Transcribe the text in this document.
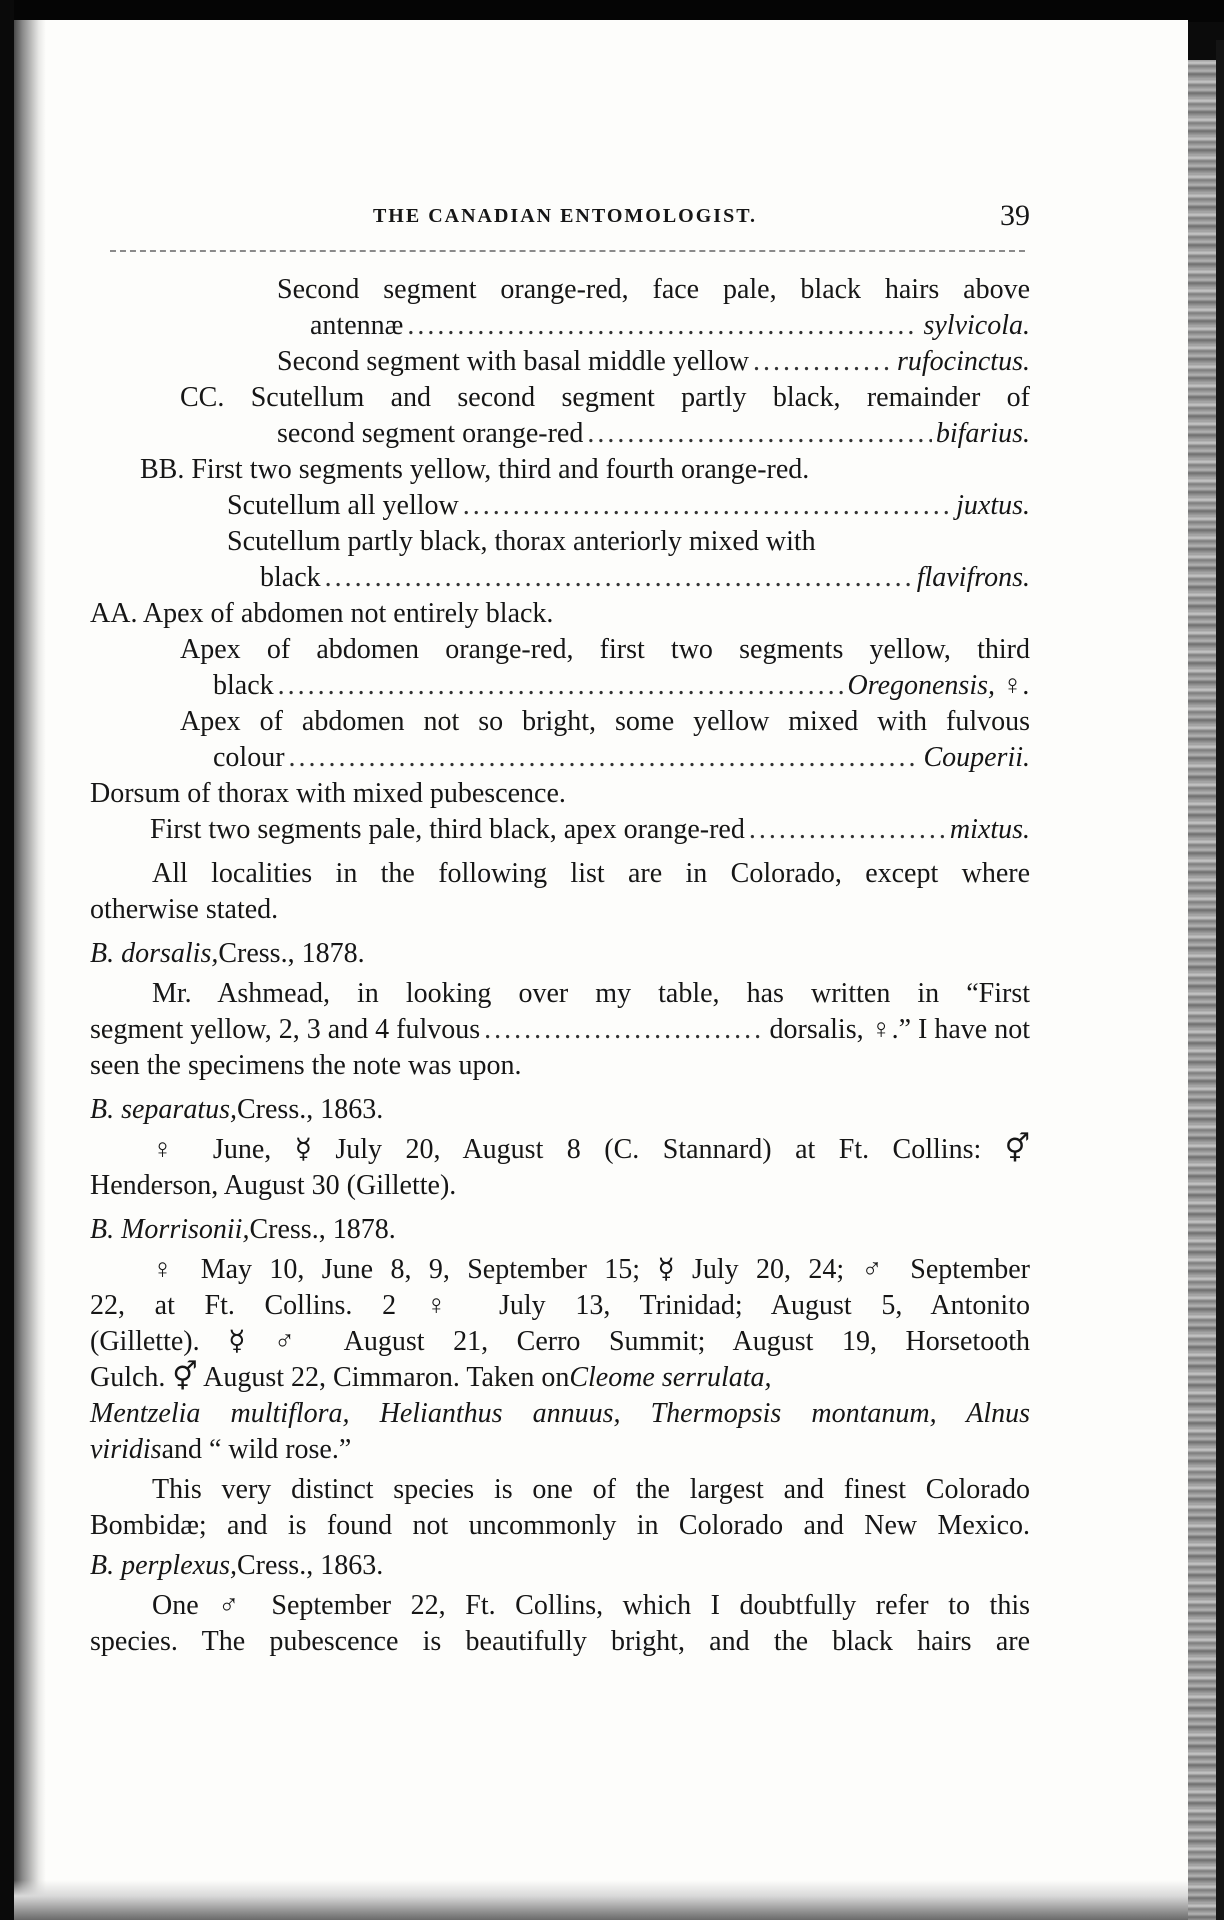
THE CANADIAN ENTOMOLOGIST.	39
Second segment orange-red, face pale, black hairs above
antennæ .....	sylvicola.
Second segment with basal middle yellow .....	rufocinctus.
CC. Scutellum and second segment partly black, remainder of
second segment orange-red .....	bifarius.
BB. First two segments yellow, third and fourth orange-red.
Scutellum all yellow .....	juxtus.
Scutellum partly black, thorax anteriorly mixed with
black .....	flavifrons.
AA. Apex of abdomen not entirely black.
Apex of abdomen orange-red, first two segments yellow, third
black .....	Oregonensis, ♀.
Apex of abdomen not so bright, some yellow mixed with fulvous
colour .....	Couperii.
Dorsum of thorax with mixed pubescence.
First two segments pale, third black, apex orange-red .....	mixtus.
All localities in the following list are in Colorado, except where
otherwise stated.
B. dorsalis, Cress., 1878.
Mr. Ashmead, in looking over my table, has written in “First
segment yellow, 2, 3 and 4 fulvous .....	dorsalis, ♀.” I have not
seen the specimens the note was upon.
B. separatus, Cress., 1863.
♀ June, ☿ July 20, August 8 (C. Stannard) at Ft. Collins: ⚥
Henderson, August 30 (Gillette).
B. Morrisonii, Cress., 1878.
♀ May 10, June 8, 9, September 15; ☿ July 20, 24; ♂ September
22, at Ft. Collins. 2 ♀ July 13, Trinidad; August 5, Antonito
(Gillette). ☿ ♂ August 21, Cerro Summit; August 19, Horsetooth
Gulch. ⚥ August 22, Cimmaron. Taken on Cleome serrulata,
Mentzelia multiflora, Helianthus annuus, Thermopsis montanum, Alnus
viridis and “ wild rose.”
This very distinct species is one of the largest and finest Colorado
Bombidæ; and is found not uncommonly in Colorado and New Mexico.
B. perplexus, Cress., 1863.
One ♂ September 22, Ft. Collins, which I doubtfully refer to this
species. The pubescence is beautifully bright, and the black hairs are
